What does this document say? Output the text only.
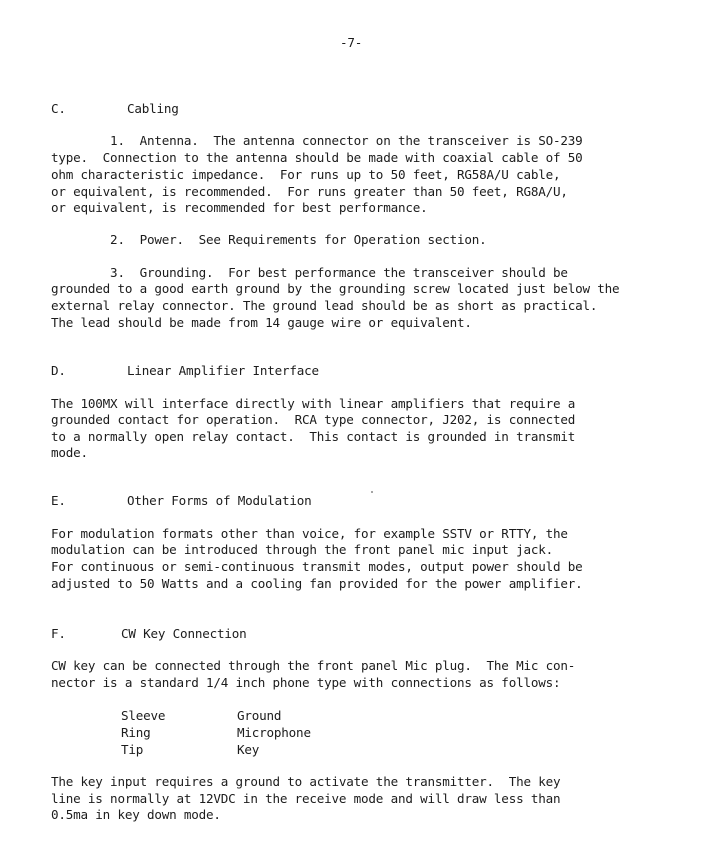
-7-
C.	Cabling
1.  Antenna.  The antenna connector on the transceiver is SO-239
type.  Connection to the antenna should be made with coaxial cable of 50
ohm characteristic impedance.  For runs up to 50 feet, RG58A/U cable,
or equivalent, is recommended.  For runs greater than 50 feet, RG8A/U,
or equivalent, is recommended for best performance.
2.  Power.  See Requirements for Operation section.
3.  Grounding.  For best performance the transceiver should be
grounded to a good earth ground by the grounding screw located just below the
external relay connector. The ground lead should be as short as practical.
The lead should be made from 14 gauge wire or equivalent.
D.	Linear Amplifier Interface
The 100MX will interface directly with linear amplifiers that require a
grounded contact for operation.  RCA type connector, J202, is connected
to a normally open relay contact.  This contact is grounded in transmit
mode.
E.	Other Forms of Modulation
For modulation formats other than voice, for example SSTV or RTTY, the
modulation can be introduced through the front panel mic input jack.
For continuous or semi-continuous transmit modes, output power should be
adjusted to 50 Watts and a cooling fan provided for the power amplifier.
F.	CW Key Connection
CW key can be connected through the front panel Mic plug.  The Mic con-
nector is a standard 1/4 inch phone type with connections as follows:
Sleeve	Ground
Ring	Microphone
Tip	Key
The key input requires a ground to activate the transmitter.  The key
line is normally at 12VDC in the receive mode and will draw less than
0.5ma in key down mode.
